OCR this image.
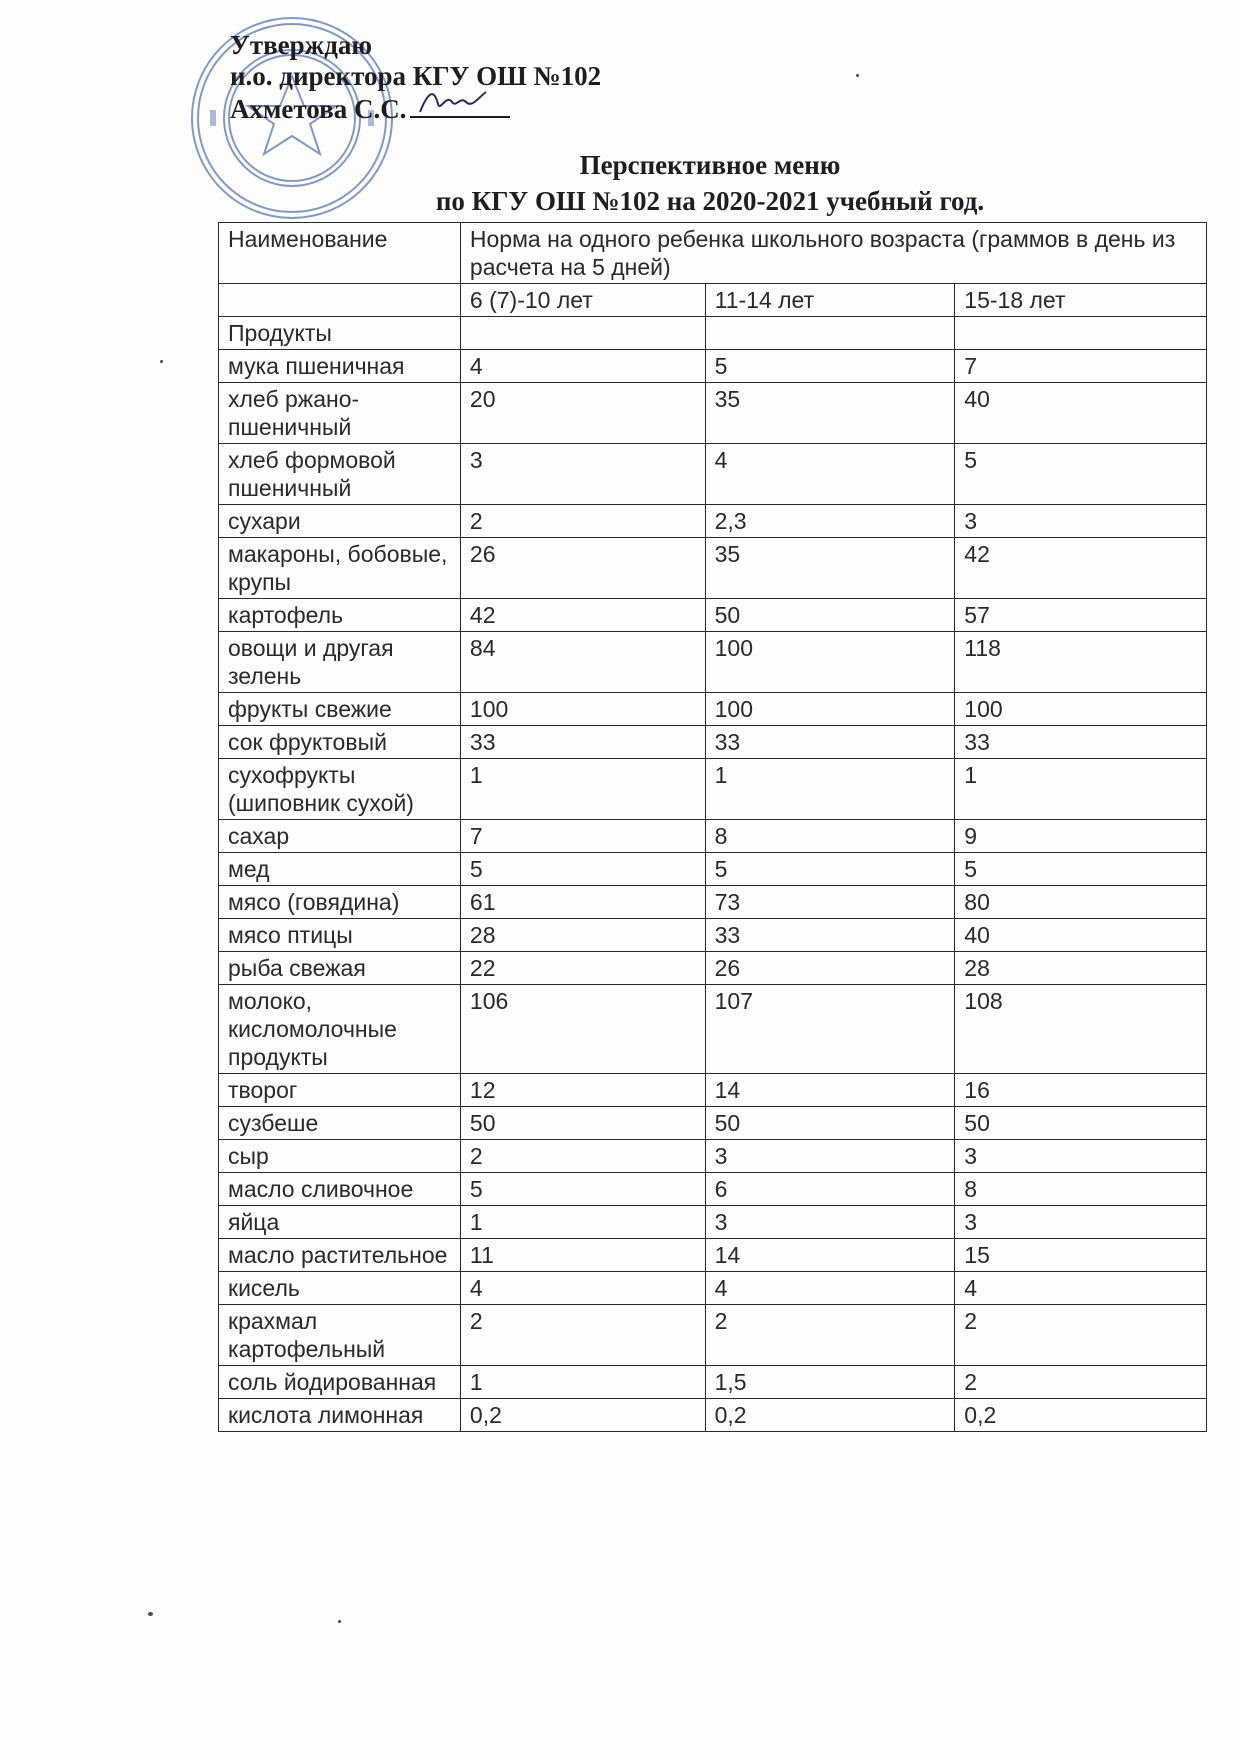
Утверждаю
и.о. директора КГУ ОШ №102
Ахметова С.С.
Перспективное меню
по КГУ ОШ №102 на 2020-2021 учебный год.
Наименование	Норма на одного ребенка школьного возраста (граммов в день из расчета на 5 дней)		
	6 (7)-10 лет	11-14 лет	15-18 лет
Продукты			
мука пшеничная	4	5	7
хлеб ржано-пшеничный	20	35	40
хлеб формовой пшеничный	3	4	5
сухари	2	2,3	3
макароны, бобовые, крупы	26	35	42
картофель	42	50	57
овощи и другая зелень	84	100	118
фрукты свежие	100	100	100
сок фруктовый	33	33	33
сухофрукты (шиповник сухой)	1	1	1
сахар	7	8	9
мед	5	5	5
мясо (говядина)	61	73	80
мясо птицы	28	33	40
рыба свежая	22	26	28
молоко, кисломолочные продукты	106	107	108
творог	12	14	16
сузбеше	50	50	50
сыр	2	3	3
масло сливочное	5	6	8
яйца	1	3	3
масло растительное	11	14	15
кисель	4	4	4
крахмал картофельный	2	2	2
соль йодированная	1	1,5	2
кислота лимонная	0,2	0,2	0,2
